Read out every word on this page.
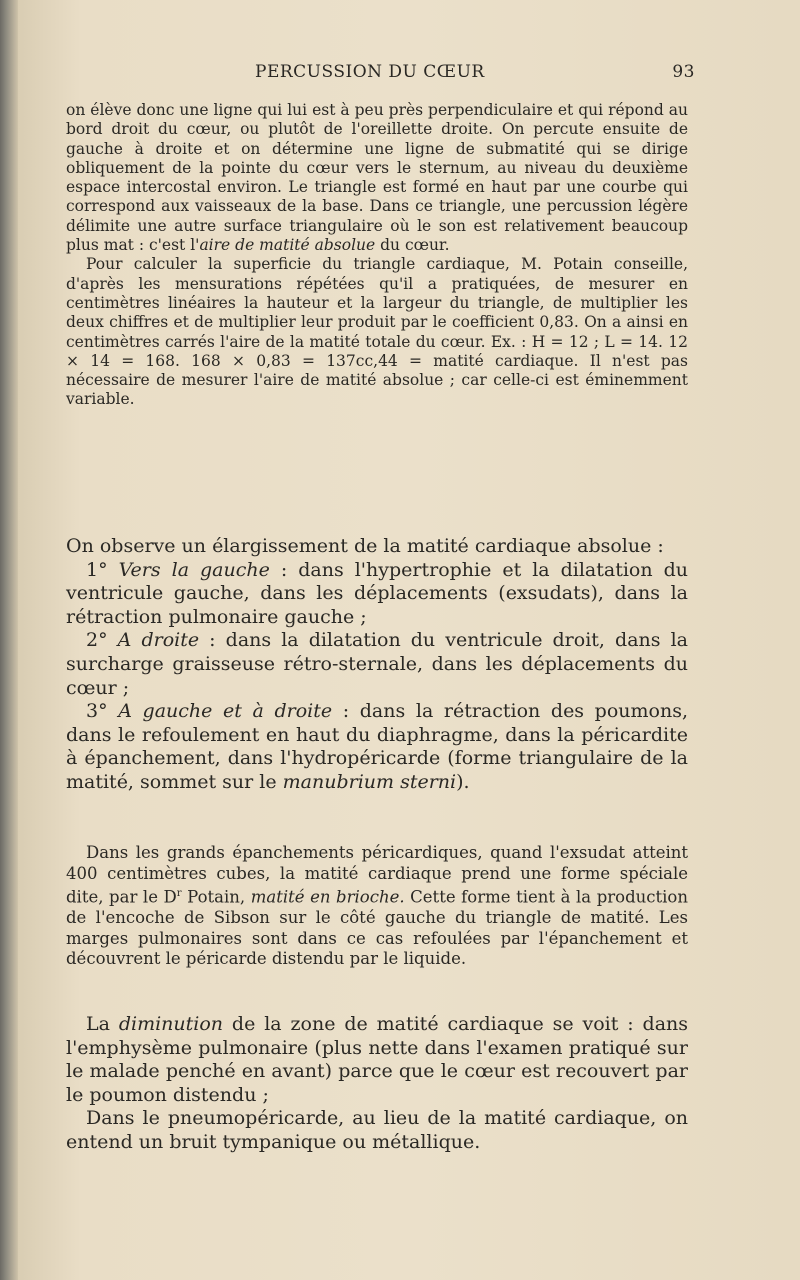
PERCUSSION DU CŒUR	93

on élève donc une ligne qui lui est à peu près perpendiculaire et qui répond au bord droit du cœur, ou plutôt de l'oreillette droite. On percute ensuite de gauche à droite et on détermine une ligne de submatité qui se dirige obliquement de la pointe du cœur vers le sternum, au niveau du deuxième espace intercostal environ. Le triangle est formé en haut par une courbe qui correspond aux vaisseaux de la base. Dans ce triangle, une percussion légère délimite une autre surface triangulaire où le son est relativement beaucoup plus mat : c'est l'aire de matité absolue du cœur.

Pour calculer la superficie du triangle cardiaque, M. Potain conseille, d'après les mensurations répétées qu'il a pratiquées, de mesurer en centimètres linéaires la hauteur et la largeur du triangle, de multiplier les deux chiffres et de multiplier leur produit par le coefficient 0,83. On a ainsi en centimètres carrés l'aire de la matité totale du cœur. Ex. : H = 12 ; L = 14. 12 × 14 = 168. 168 × 0,83 = 137cc,44 = matité cardiaque. Il n'est pas nécessaire de mesurer l'aire de matité absolue ; car celle-ci est éminemment variable.

On observe un élargissement de la matité cardiaque absolue :

1° Vers la gauche : dans l'hypertrophie et la dilatation du ventricule gauche, dans les déplacements (exsudats), dans la rétraction pulmonaire gauche ;

2° A droite : dans la dilatation du ventricule droit, dans la surcharge graisseuse rétro-sternale, dans les déplacements du cœur ;

3° A gauche et à droite : dans la rétraction des poumons, dans le refoulement en haut du diaphragme, dans la péricardite à épanchement, dans l'hydropéricarde (forme triangulaire de la matité, sommet sur le manubrium sterni).

Dans les grands épanchements péricardiques, quand l'exsudat atteint 400 centimètres cubes, la matité cardiaque prend une forme spéciale dite, par le $D^r$ Potain, matité en brioche. Cette forme tient à la production de l'encoche de Sibson sur le côté gauche du triangle de matité. Les marges pulmonaires sont dans ce cas refoulées par l'épanchement et découvrent le péricarde distendu par le liquide.

La diminution de la zone de matité cardiaque se voit : dans l'emphysème pulmonaire (plus nette dans l'examen pratiqué sur le malade penché en avant) parce que le cœur est recouvert par le poumon distendu ;

Dans le pneumopéricarde, au lieu de la matité cardiaque, on entend un bruit tympanique ou métallique.
